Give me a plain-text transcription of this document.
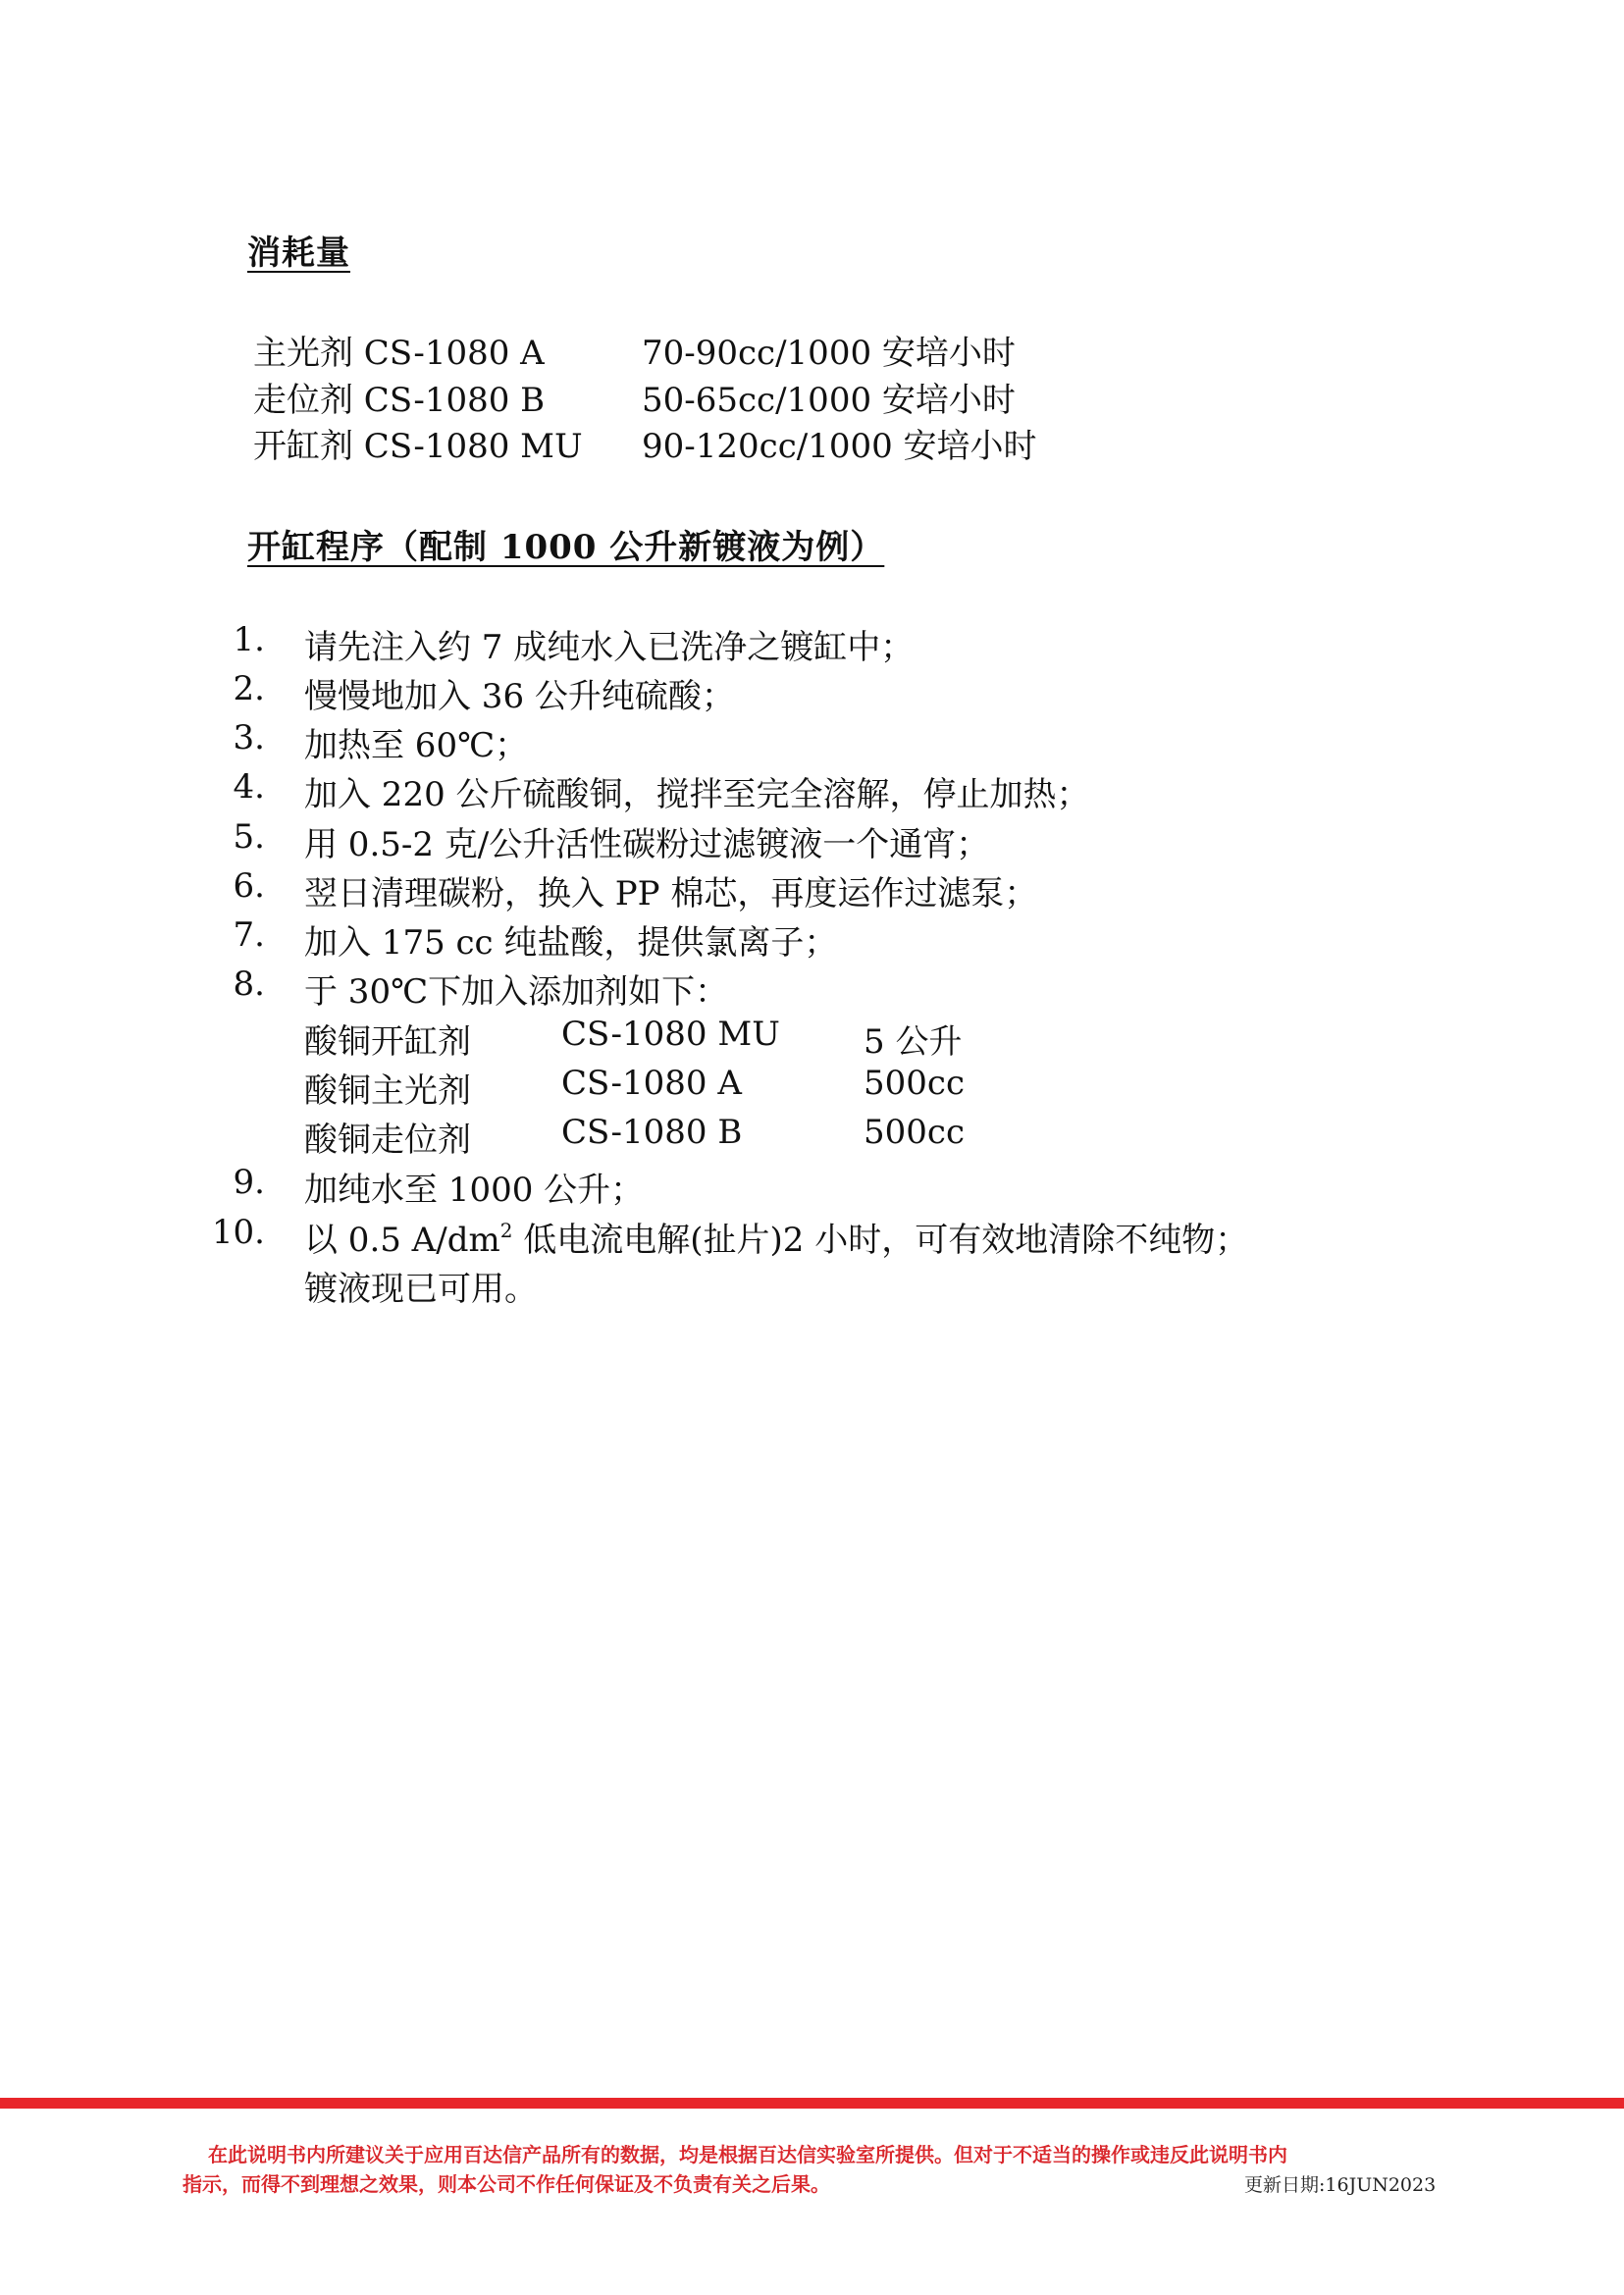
消耗量
主光剂 CS-1080 A	70-90cc/1000 安培小时
走位剂 CS-1080 B	50-65cc/1000 安培小时
开缸剂 CS-1080 MU 90-120cc/1000 安培小时
开缸程序（配制 1000 公升新镀液为例）
1. 请先注入约 7 成纯水入已洗净之镀缸中；
2. 慢慢地加入 36 公升纯硫酸；
3. 加热至 60℃；
4. 加入 220 公斤硫酸铜，搅拌至完全溶解，停止加热；
5. 用 0.5-2 克/公升活性碳粉过滤镀液一个通宵；
6. 翌日清理碳粉，换入 PP 棉芯，再度运作过滤泵；
7. 加入 175 cc 纯盐酸，提供氯离子；
8. 于 30℃下加入添加剂如下：
酸铜开缸剂	CS-1080 MU	5 公升
酸铜主光剂	CS-1080 A	500cc
酸铜走位剂	CS-1080 B	500cc
9. 加纯水至 1000 公升；
10. 以 0.5 $A/dm^2$ 低电流电解(扯片)2 小时，可有效地清除不纯物；
镀液现已可用。
在此说明书内所建议关于应用百达信产品所有的数据，均是根据百达信实验室所提供。但对于不适当的操作或违反此说明书内
指示，而得不到理想之效果，则本公司不作任何保证及不负责有关之后果。	更新日期:16JUN2023
